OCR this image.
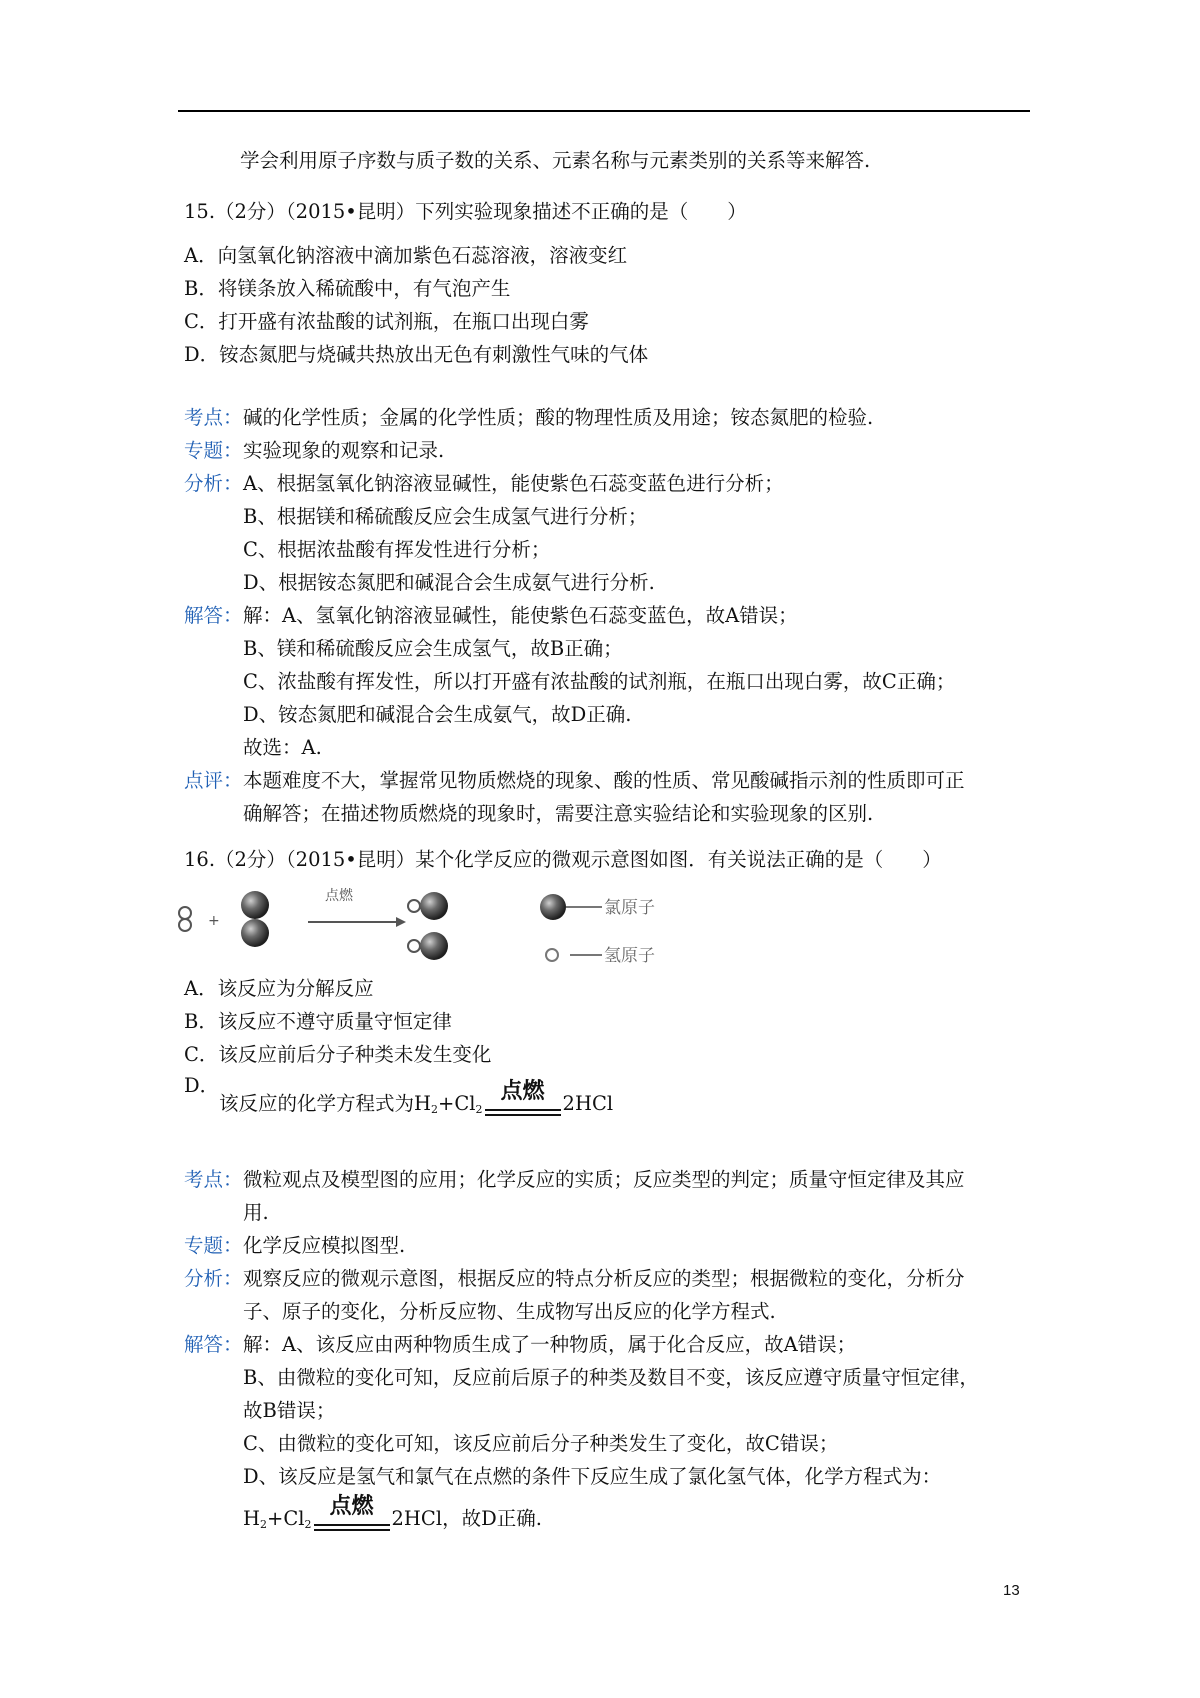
学会利用原子序数与质子数的关系、元素名称与元素类别的关系等来解答.
15.（2分）（2015•昆明）下列实验现象描述不正确的是（　　）
A．向氢氧化钠溶液中滴加紫色石蕊溶液，溶液变红
B．将镁条放入稀硫酸中，有气泡产生
C．打开盛有浓盐酸的试剂瓶，在瓶口出现白雾
D．铵态氮肥与烧碱共热放出无色有刺激性气味的气体
考点： 碱的化学性质；金属的化学性质；酸的物理性质及用途；铵态氮肥的检验.
专题： 实验现象的观察和记录.
分析： A、根据氢氧化钠溶液显碱性，能使紫色石蕊变蓝色进行分析；
B、根据镁和稀硫酸反应会生成氢气进行分析；
C、根据浓盐酸有挥发性进行分析；
D、根据铵态氮肥和碱混合会生成氨气进行分析.
解答： 解：A、氢氧化钠溶液显碱性，能使紫色石蕊变蓝色，故A错误；
B、镁和稀硫酸反应会生成氢气，故B正确；
C、浓盐酸有挥发性，所以打开盛有浓盐酸的试剂瓶，在瓶口出现白雾，故C正确；
D、铵态氮肥和碱混合会生成氨气，故D正确.
故选：A.
点评： 本题难度不大，掌握常见物质燃烧的现象、酸的性质、常见酸碱指示剂的性质即可正
确解答；在描述物质燃烧的现象时，需要注意实验结论和实验现象的区别.
16.（2分）（2015•昆明）某个化学反应的微观示意图如图．有关说法正确的是（　　）
+
点燃
氯原子
氢原子
A．该反应为分解反应
B．该反应不遵守质量守恒定律
C．该反应前后分子种类未发生变化
D．
该反应的化学方程式为$H_2+Cl_2$
点燃 2HCl
考点： 微粒观点及模型图的应用；化学反应的实质；反应类型的判定；质量守恒定律及其应
用.
专题： 化学反应模拟图型.
分析： 观察反应的微观示意图，根据反应的特点分析反应的类型；根据微粒的变化，分析分
子、原子的变化，分析反应物、生成物写出反应的化学方程式.
解答： 解：A、该反应由两种物质生成了一种物质，属于化合反应，故A错误；
B、由微粒的变化可知，反应前后原子的种类及数目不变，该反应遵守质量守恒定律，
故B错误；
C、由微粒的变化可知，该反应前后分子种类发生了变化，故C错误；
D、该反应是氢气和氯气在点燃的条件下反应生成了氯化氢气体，化学方程式为：
$H_2+Cl_2$
点燃 2HCl，故D正确.
13
